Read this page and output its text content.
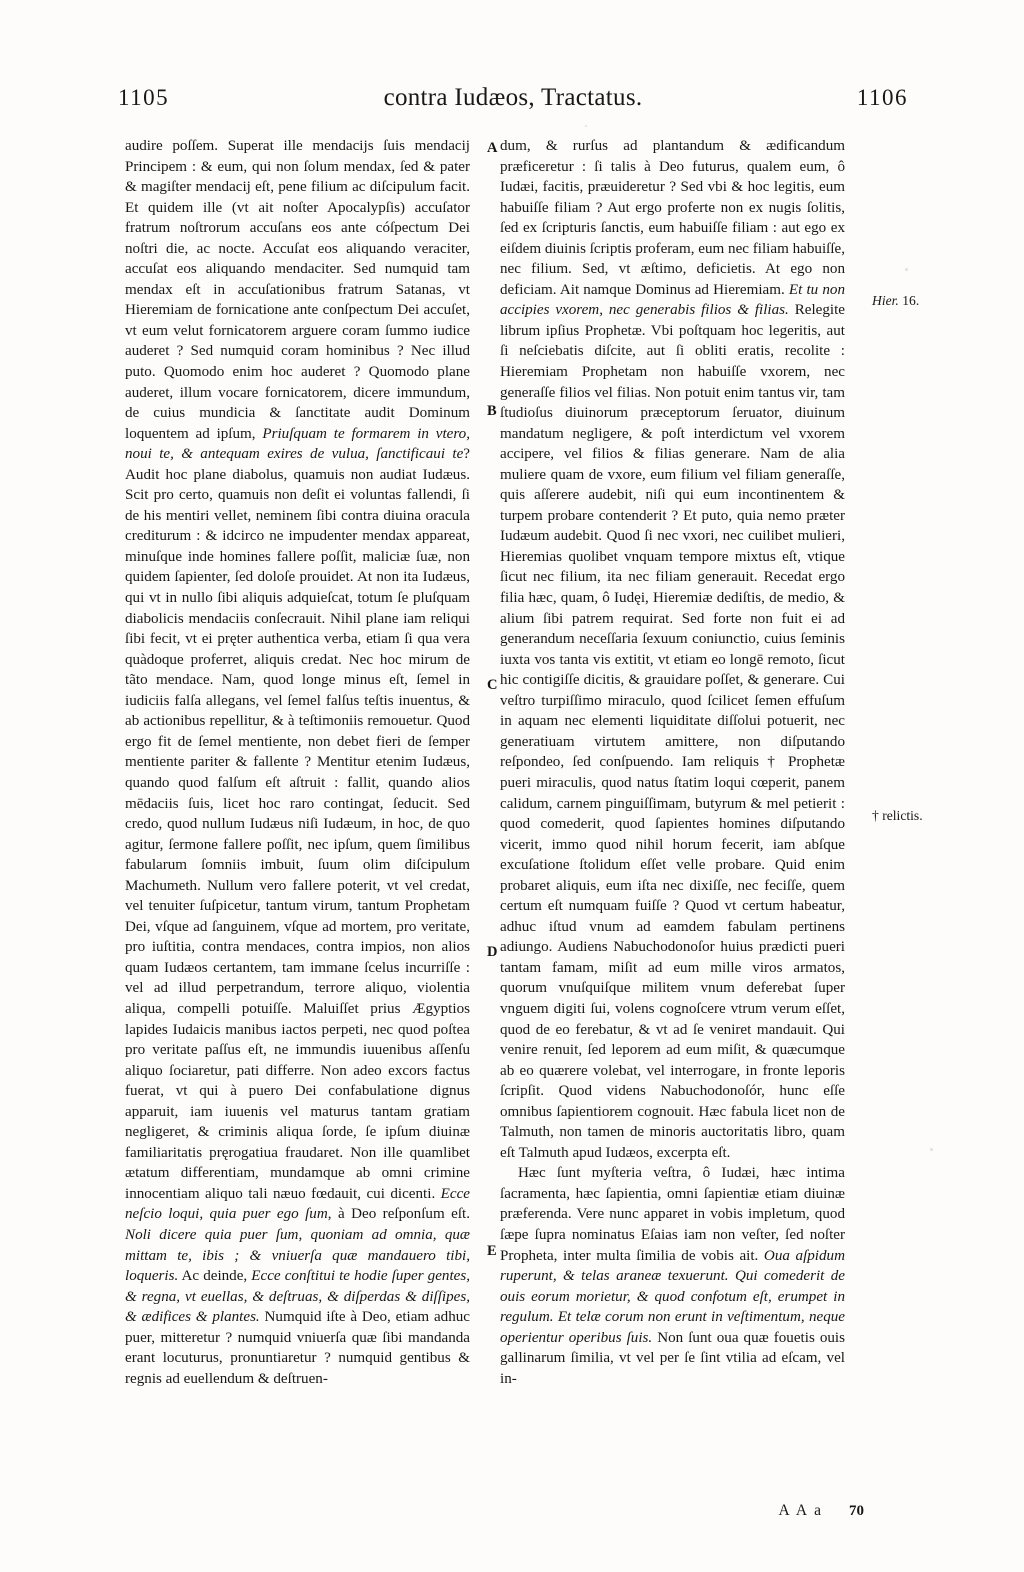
1105	contra Iudæos, Tractatus.	1106

audire poſſem. Superat ille mendacijs ſuis mendacij Principem : & eum, qui non ſolum mendax, ſed & pater & magiſter mendacij eſt, pene filium ac diſcipulum facit. Et quidem ille (vt ait noſter Apocalypſis) accuſator fratrum noſtrorum accuſans eos ante cóſpectum Dei noſtri die, ac nocte. Accuſat eos aliquando veraciter, accuſat eos aliquando mendaciter. Sed numquid tam mendax eſt in accuſationibus fratrum Satanas, vt Hieremiam de fornicatione ante conſpectum Dei accuſet, vt eum velut fornicatorem arguere coram ſummo iudice auderet ? Sed numquid coram hominibus ? Nec illud puto. Quomodo enim hoc auderet ? Quomodo plane auderet, illum vocare fornicatorem, dicere immundum, de cuius mundicia & ſanctitate audit Dominum loquentem ad ipſum, Priuſquam te formarem in vtero, noui te, & antequam exires de vulua, ſanctificaui te? Audit hoc plane diabolus, quamuis non audiat Iudæus. Scit pro certo, quamuis non deſit ei voluntas fallendi, ſi de his mentiri vellet, neminem ſibi contra diuina oracula crediturum : & idcirco ne impudenter mendax appareat, minuſque inde homines fallere poſſit, maliciæ ſuæ, non quidem ſapienter, ſed doloſe prouidet. At non ita Iudæus, qui vt in nullo ſibi aliquis adquieſcat, totum ſe pluſquam diabolicis mendaciis conſecrauit. Nihil plane iam reliqui ſibi fecit, vt ei pręter authentica verba, etiam ſi qua vera quàdoque proferret, aliquis credat. Nec hoc mirum de tãto mendace. Nam, quod longe minus eſt, ſemel in iudiciis falſa allegans, vel ſemel falſus teſtis inuentus, & ab actionibus repellitur, & à teſtimoniis remouetur. Quod ergo fit de ſemel mentiente, non debet fieri de ſemper mentiente pariter & fallente ? Mentitur etenim Iudæus, quando quod falſum eſt aſtruit : fallit, quando alios mēdaciis ſuis, licet hoc raro contingat, ſeducit. Sed credo, quod nullum Iudæus niſi Iudæum, in hoc, de quo agitur, ſermone fallere poſſit, nec ipſum, quem ſimilibus fabularum ſomniis imbuit, ſuum olim diſcipulum Machumeth. Nullum vero fallere poterit, vt vel credat, vel tenuiter ſuſpicetur, tantum virum, tantum Prophetam Dei, vſque ad ſanguinem, vſque ad mortem, pro veritate, pro iuſtitia, contra mendaces, contra impios, non alios quam Iudæos certantem, tam immane ſcelus incurriſſe : vel ad illud perpetrandum, terrore aliquo, violentia aliqua, compelli potuiſſe. Maluiſſet prius Ægyptios lapides Iudaicis manibus iactos perpeti, nec quod poſtea pro veritate paſſus eſt, ne immundis iuuenibus aſſenſu aliquo ſociaretur, pati differre. Non adeo excors factus fuerat, vt qui à puero Dei confabulatione dignus apparuit, iam iuuenis vel maturus tantam gratiam negligeret, & criminis aliqua ſorde, ſe ipſum diuinæ familiaritatis pręrogatiua fraudaret. Non ille quamlibet ætatum differentiam, mundamque ab omni crimine innocentiam aliquo tali næuo fœdauit, cui dicenti. Ecce neſcio loqui, quia puer ego ſum, à Deo reſponſum eſt. Noli dicere quia puer ſum, quoniam ad omnia, quæ mittam te, ibis ; & vniuerſa quæ mandauero tibi, loqueris. Ac deinde, Ecce conſtitui te hodie ſuper gentes, & regna, vt euellas, & deſtruas, & diſperdas & diſſipes, & ædifices & plantes. Numquid iſte à Deo, etiam adhuc puer, mitteretur ? numquid vniuerſa quæ ſibi mandanda erant locuturus, pronuntiaretur ? numquid gentibus & regnis ad euellendum & deſtruen-

dum, & rurſus ad plantandum & ædificandum præficeretur : ſi talis à Deo futurus, qualem eum, ô Iudæi, facitis, præuideretur ? Sed vbi & hoc legitis, eum habuiſſe filiam ? Aut ergo proferte non ex nugis ſolitis, ſed ex ſcripturis ſanctis, eum habuiſſe filiam : aut ego ex eiſdem diuinis ſcriptis proferam, eum nec filiam habuiſſe, nec filium. Sed, vt æſtimo, deficietis. At ego non deficiam. Ait namque Dominus ad Hieremiam. Et tu non accipies vxorem, nec generabis filios & filias. Relegite librum ipſius Prophetæ. Vbi poſtquam hoc legeritis, aut ſi neſciebatis diſcite, aut ſi obliti eratis, recolite : Hieremiam Prophetam non habuiſſe vxorem, nec generaſſe filios vel filias. Non potuit enim tantus vir, tam ſtudioſus diuinorum præceptorum ſeruator, diuinum mandatum negligere, & poſt interdictum vel vxorem accipere, vel filios & filias generare. Nam de alia muliere quam de vxore, eum filium vel filiam generaſſe, quis aſſerere audebit, niſi qui eum incontinentem & turpem probare contenderit ? Et puto, quia nemo præter Iudæum audebit. Quod ſi nec vxori, nec cuilibet mulieri, Hieremias quolibet vnquam tempore mixtus eſt, vtique ſicut nec filium, ita nec filiam generauit. Recedat ergo filia hæc, quam, ô Iudęi, Hieremiæ dediſtis, de medio, & alium ſibi patrem requirat. Sed forte non fuit ei ad generandum neceſſaria ſexuum coniunctio, cuius ſeminis iuxta vos tanta vis extitit, vt etiam eo longē remoto, ſicut hic contigiſſe dicitis, & grauidare poſſet, & generare. Cui veſtro turpiſſimo miraculo, quod ſcilicet ſemen effuſum in aquam nec elementi liquiditate diſſolui potuerit, nec generatiuam virtutem amittere, non diſputando reſpondeo, ſed conſpuendo. Iam reliquis † Prophetæ pueri miraculis, quod natus ſtatim loqui cœperit, panem calidum, carnem pinguiſſimam, butyrum & mel petierit : quod comederit, quod ſapientes homines diſputando vicerit, immo quod nihil horum fecerit, iam abſque excuſatione ſtolidum eſſet velle probare. Quid enim probaret aliquis, eum iſta nec dixiſſe, nec feciſſe, quem certum eſt numquam fuiſſe ? Quod vt certum habeatur, adhuc iſtud vnum ad eamdem fabulam pertinens adiungo. Audiens Nabuchodonoſor huius prædicti pueri tantam famam, miſit ad eum mille viros armatos, quorum vnuſquiſque militem vnum deferebat ſuper vnguem digiti ſui, volens cognoſcere vtrum verum eſſet, quod de eo ferebatur, & vt ad ſe veniret mandauit. Qui venire renuit, ſed leporem ad eum miſit, & quæcumque ab eo quærere volebat, vel interrogare, in fronte leporis ſcripſit. Quod videns Nabuchodonoſór, hunc eſſe omnibus ſapientiorem cognouit. Hæc fabula licet non de Talmuth, non tamen de minoris auctoritatis libro, quam eſt Talmuth apud Iudæos, excerpta eſt.

Hæc ſunt myſteria veſtra, ô Iudæi, hæc intima ſacramenta, hæc ſapientia, omni ſapientiæ etiam diuinæ præferenda. Vere nunc apparet in vobis impletum, quod ſæpe ſupra nominatus Eſaias iam non veſter, ſed noſter Propheta, inter multa ſimilia de vobis ait. Oua aſpidum ruperunt, & telas araneæ texuerunt. Qui comederit de ouis eorum morietur, & quod confotum eſt, erumpet in regulum. Et telæ corum non erunt in veſtimentum, neque operientur operibus ſuis. Non ſunt oua quæ fouetis ouis gallinarum ſimilia, vt vel per ſe ſint vtilia ad eſcam, vel in-

A
B
C
D
E
Hier. 16.
† relictis.
A A a 70
